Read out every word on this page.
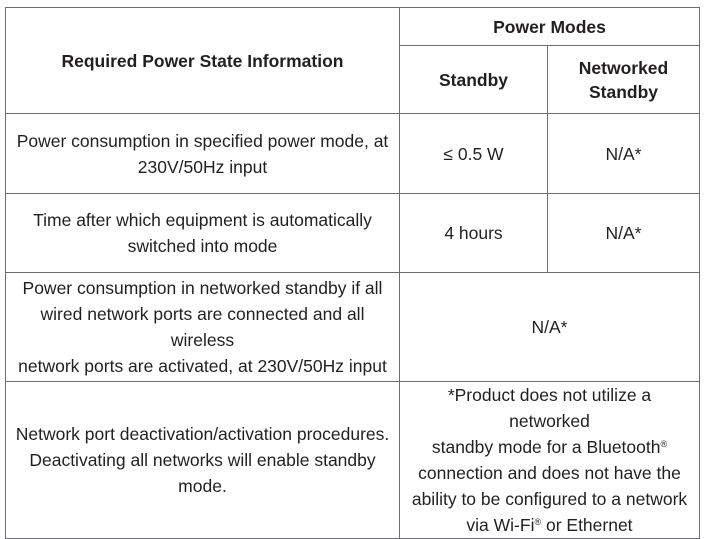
Required Power State Information	Power Modes	
	Standby	Networked
Standby

Power consumption in specified power mode, at
230V/50Hz input	≤ 0.5 W	N/A*

Time after which equipment is automatically
switched into mode	4 hours	N/A*

Power consumption in networked standby if all
wired network ports are connected and all wireless
network ports are activated, at 230V/50Hz input	N/A*	

Network port deactivation/activation procedures.
Deactivating all networks will enable standby
mode.	*Product does not utilize a networked
standby mode for a Bluetooth®
connection and does not have the
ability to be configured to a network
via Wi-Fi® or Ethernet	
